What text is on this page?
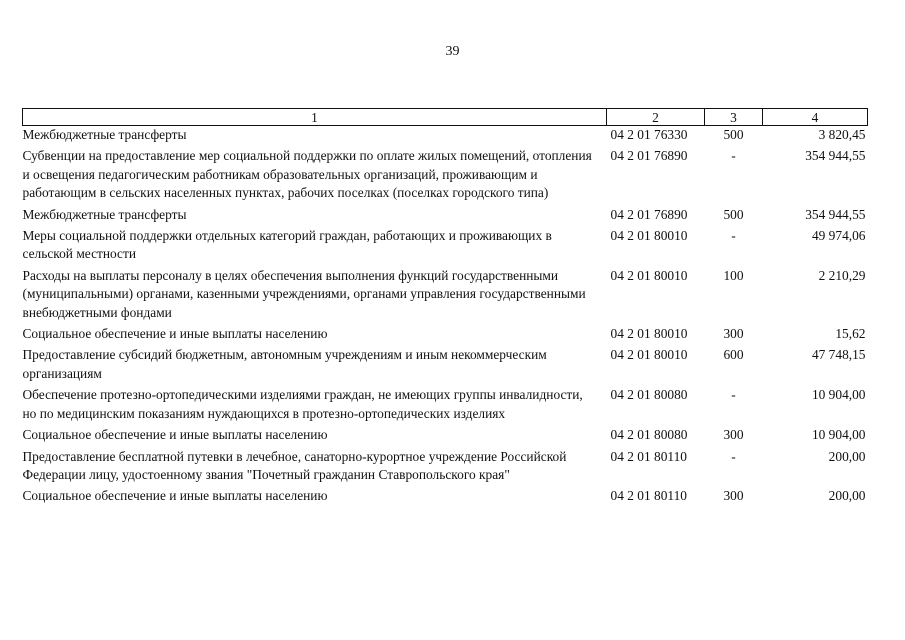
39
1	2	3	4
Межбюджетные трансферты	04 2 01 76330	500	3 820,45
Субвенции на предоставление мер социальной поддержки по оплате жилых помещений, отопления и освещения педагогическим работникам образовательных организаций, проживающим и работающим в сельских населенных пунктах, рабочих поселках (поселках городского типа)	04 2 01 76890	-	354 944,55
Межбюджетные трансферты	04 2 01 76890	500	354 944,55
Меры социальной поддержки отдельных категорий граждан, работающих и проживающих в сельской местности	04 2 01 80010	-	49 974,06
Расходы на выплаты персоналу в целях обеспечения выполнения функций государственными (муниципальными) органами, казенными учреждениями, органами управления государственными внебюджетными фондами	04 2 01 80010	100	2 210,29
Социальное обеспечение и иные выплаты населению	04 2 01 80010	300	15,62
Предоставление субсидий бюджетным, автономным учреждениям и иным некоммерческим организациям	04 2 01 80010	600	47 748,15
Обеспечение протезно-ортопедическими изделиями граждан, не имеющих группы инвалидности, но по медицинским показаниям нуждающихся в протезно-ортопедических изделиях	04 2 01 80080	-	10 904,00
Социальное обеспечение и иные выплаты населению	04 2 01 80080	300	10 904,00
Предоставление бесплатной путевки в лечебное, санаторно-курортное учреждение Российской Федерации лицу, удостоенному звания "Почетный гражданин Ставропольского края"	04 2 01 80110	-	200,00
Социальное обеспечение и иные выплаты населению	04 2 01 80110	300	200,00
